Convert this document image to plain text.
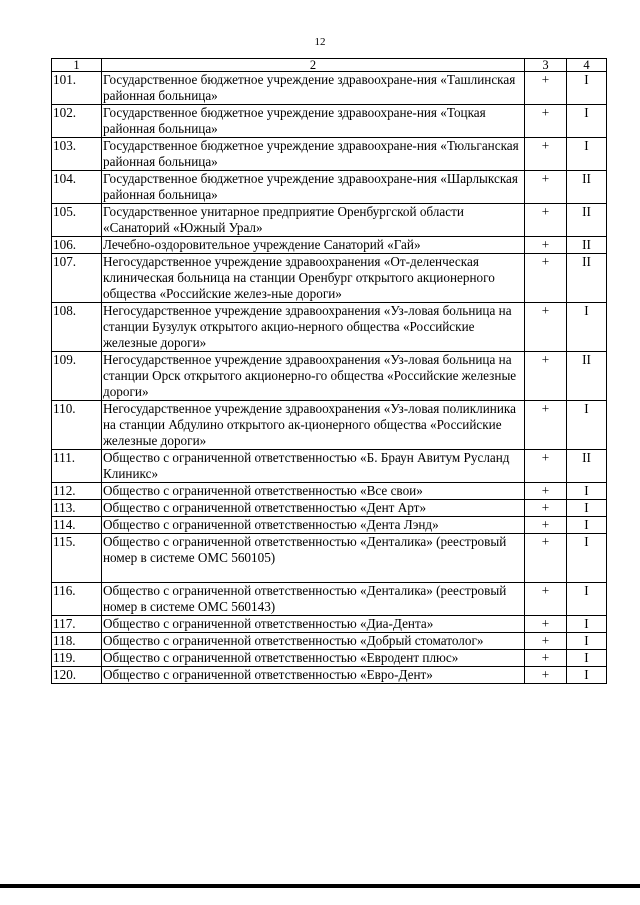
12
1	2	3	4
101.	Государственное бюджетное учреждение здравоохране-ния «Ташлинская районная больница»	+	I
102.	Государственное бюджетное учреждение здравоохране-ния «Тоцкая районная больница»	+	I
103.	Государственное бюджетное учреждение здравоохране-ния «Тюльганская районная больница»	+	I
104.	Государственное бюджетное учреждение здравоохране-ния «Шарлыкская районная больница»	+	II
105.	Государственное унитарное предприятие Оренбургской области «Санаторий «Южный Урал»	+	II
106.	Лечебно-оздоровительное учреждение Санаторий «Гай»	+	II
107.	Негосударственное учреждение здравоохранения «От-деленческая клиническая больница на станции Оренбург открытого акционерного общества «Российские желез-ные дороги»	+	II
108.	Негосударственное учреждение здравоохранения «Уз-ловая больница на станции Бузулук открытого акцио-нерного общества «Российские железные дороги»	+	I
109.	Негосударственное учреждение здравоохранения «Уз-ловая больница на станции Орск открытого акционерно-го общества «Российские железные дороги»	+	II
110.	Негосударственное учреждение здравоохранения «Уз-ловая поликлиника на станции Абдулино открытого ак-ционерного общества «Российские железные дороги»	+	I
111.	Общество с ограниченной ответственностью «Б. Браун Авитум Русланд Клиникс»	+	II
112.	Общество с ограниченной ответственностью «Все свои»	+	I
113.	Общество с ограниченной ответственностью «Дент Арт»	+	I
114.	Общество с ограниченной ответственностью «Дента Лэнд»	+	I
115.	Общество с ограниченной ответственностью «Денталика» (реестровый номер в системе ОМС 560105)	+	I
116.	Общество с ограниченной ответственностью «Денталика» (реестровый номер в системе ОМС 560143)	+	I
117.	Общество с ограниченной ответственностью «Диа-Дента»	+	I
118.	Общество с ограниченной ответственностью «Добрый стоматолог»	+	I
119.	Общество с ограниченной ответственностью «Евродент плюс»	+	I
120.	Общество с ограниченной ответственностью «Евро-Дент»	+	I
